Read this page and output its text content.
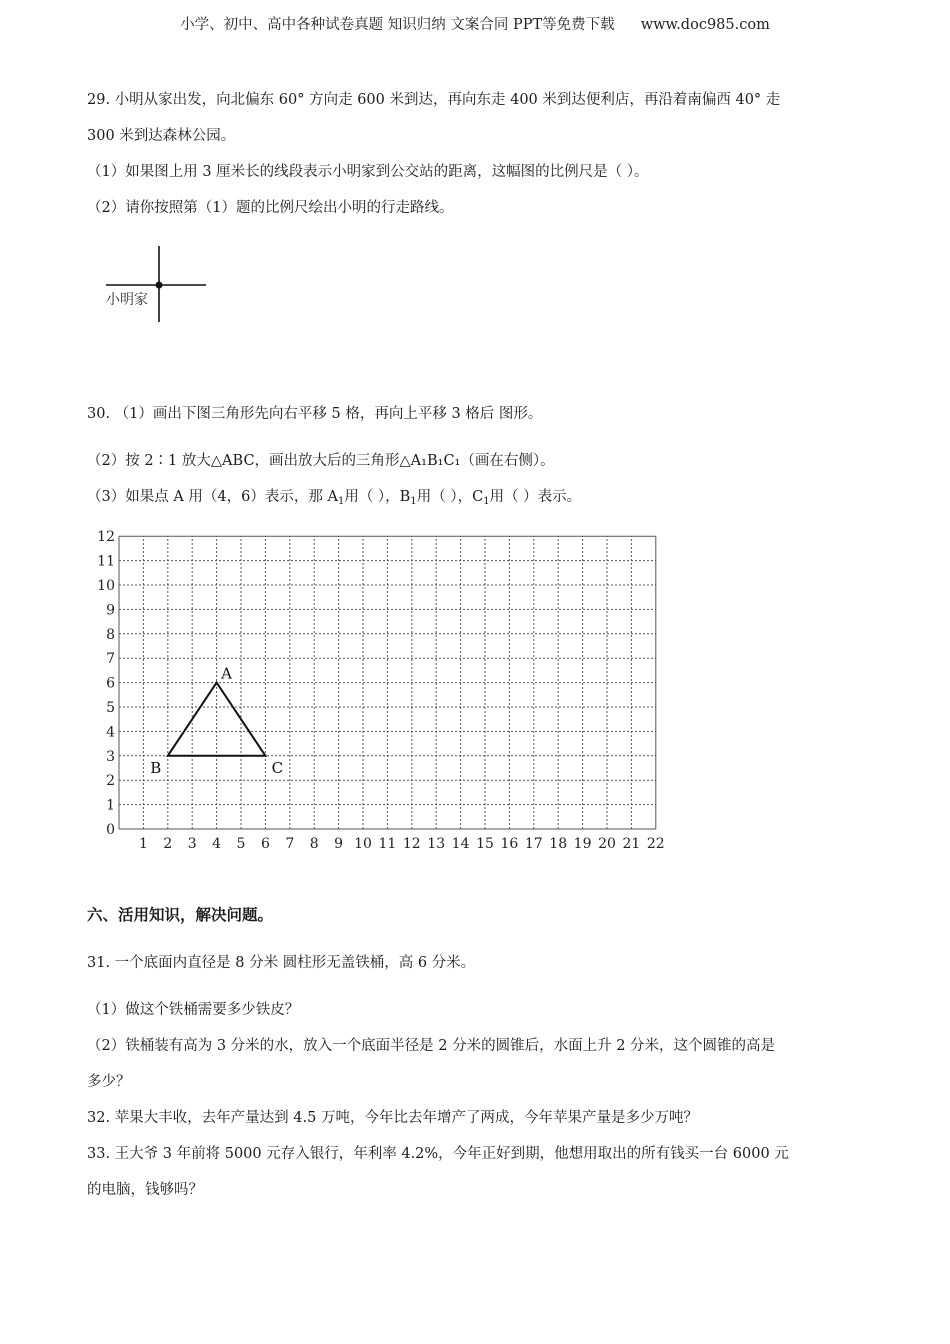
小学、初中、高中各种试卷真题 知识归纳 文案合同 PPT等免费下载 www.doc985.com
29. 小明从家出发，向北偏东 60° 方向走 600 米到达，再向东走 400 米到达便利店，再沿着南偏西 40° 走
300 米到达森林公园。
（1）如果图上用 3 厘米长的线段表示小明家到公交站的距离，这幅图的比例尺是（ ）。
（2）请你按照第（1）题的比例尺绘出小明的行走路线。
小明家
30. （1）画出下图三角形先向右平移 5 格，再向上平移 3 格后 图形。
（2）按 2∶1 放大△ABC，画出放大后的三角形△A₁B₁C₁（画在右侧）。
（3）如果点 A 用（4，6）表示，那 $A_1$用（ ），$B_1$用（ ），$C_1$用（ ）表示。
0
1
2
3
4
5
6
7
8
9
10
11
12
1 2 3 4 5 6 7 8 9 10 11 12 13 14 15 16 17 18 19 20 21 22
A
B	C
六、活用知识，解决问题。
31. 一个底面内直径是 8 分米 圆柱形无盖铁桶，高 6 分米。
（1）做这个铁桶需要多少铁皮？
（2）铁桶装有高为 3 分米的水，放入一个底面半径是 2 分米的圆锥后，水面上升 2 分米，这个圆锥的高是
多少？
32. 苹果大丰收，去年产量达到 4.5 万吨，今年比去年增产了两成，今年苹果产量是多少万吨？
33. 王大爷 3 年前将 5000 元存入银行，年利率 4.2%，今年正好到期，他想用取出的所有钱买一台 6000 元
的电脑，钱够吗？
